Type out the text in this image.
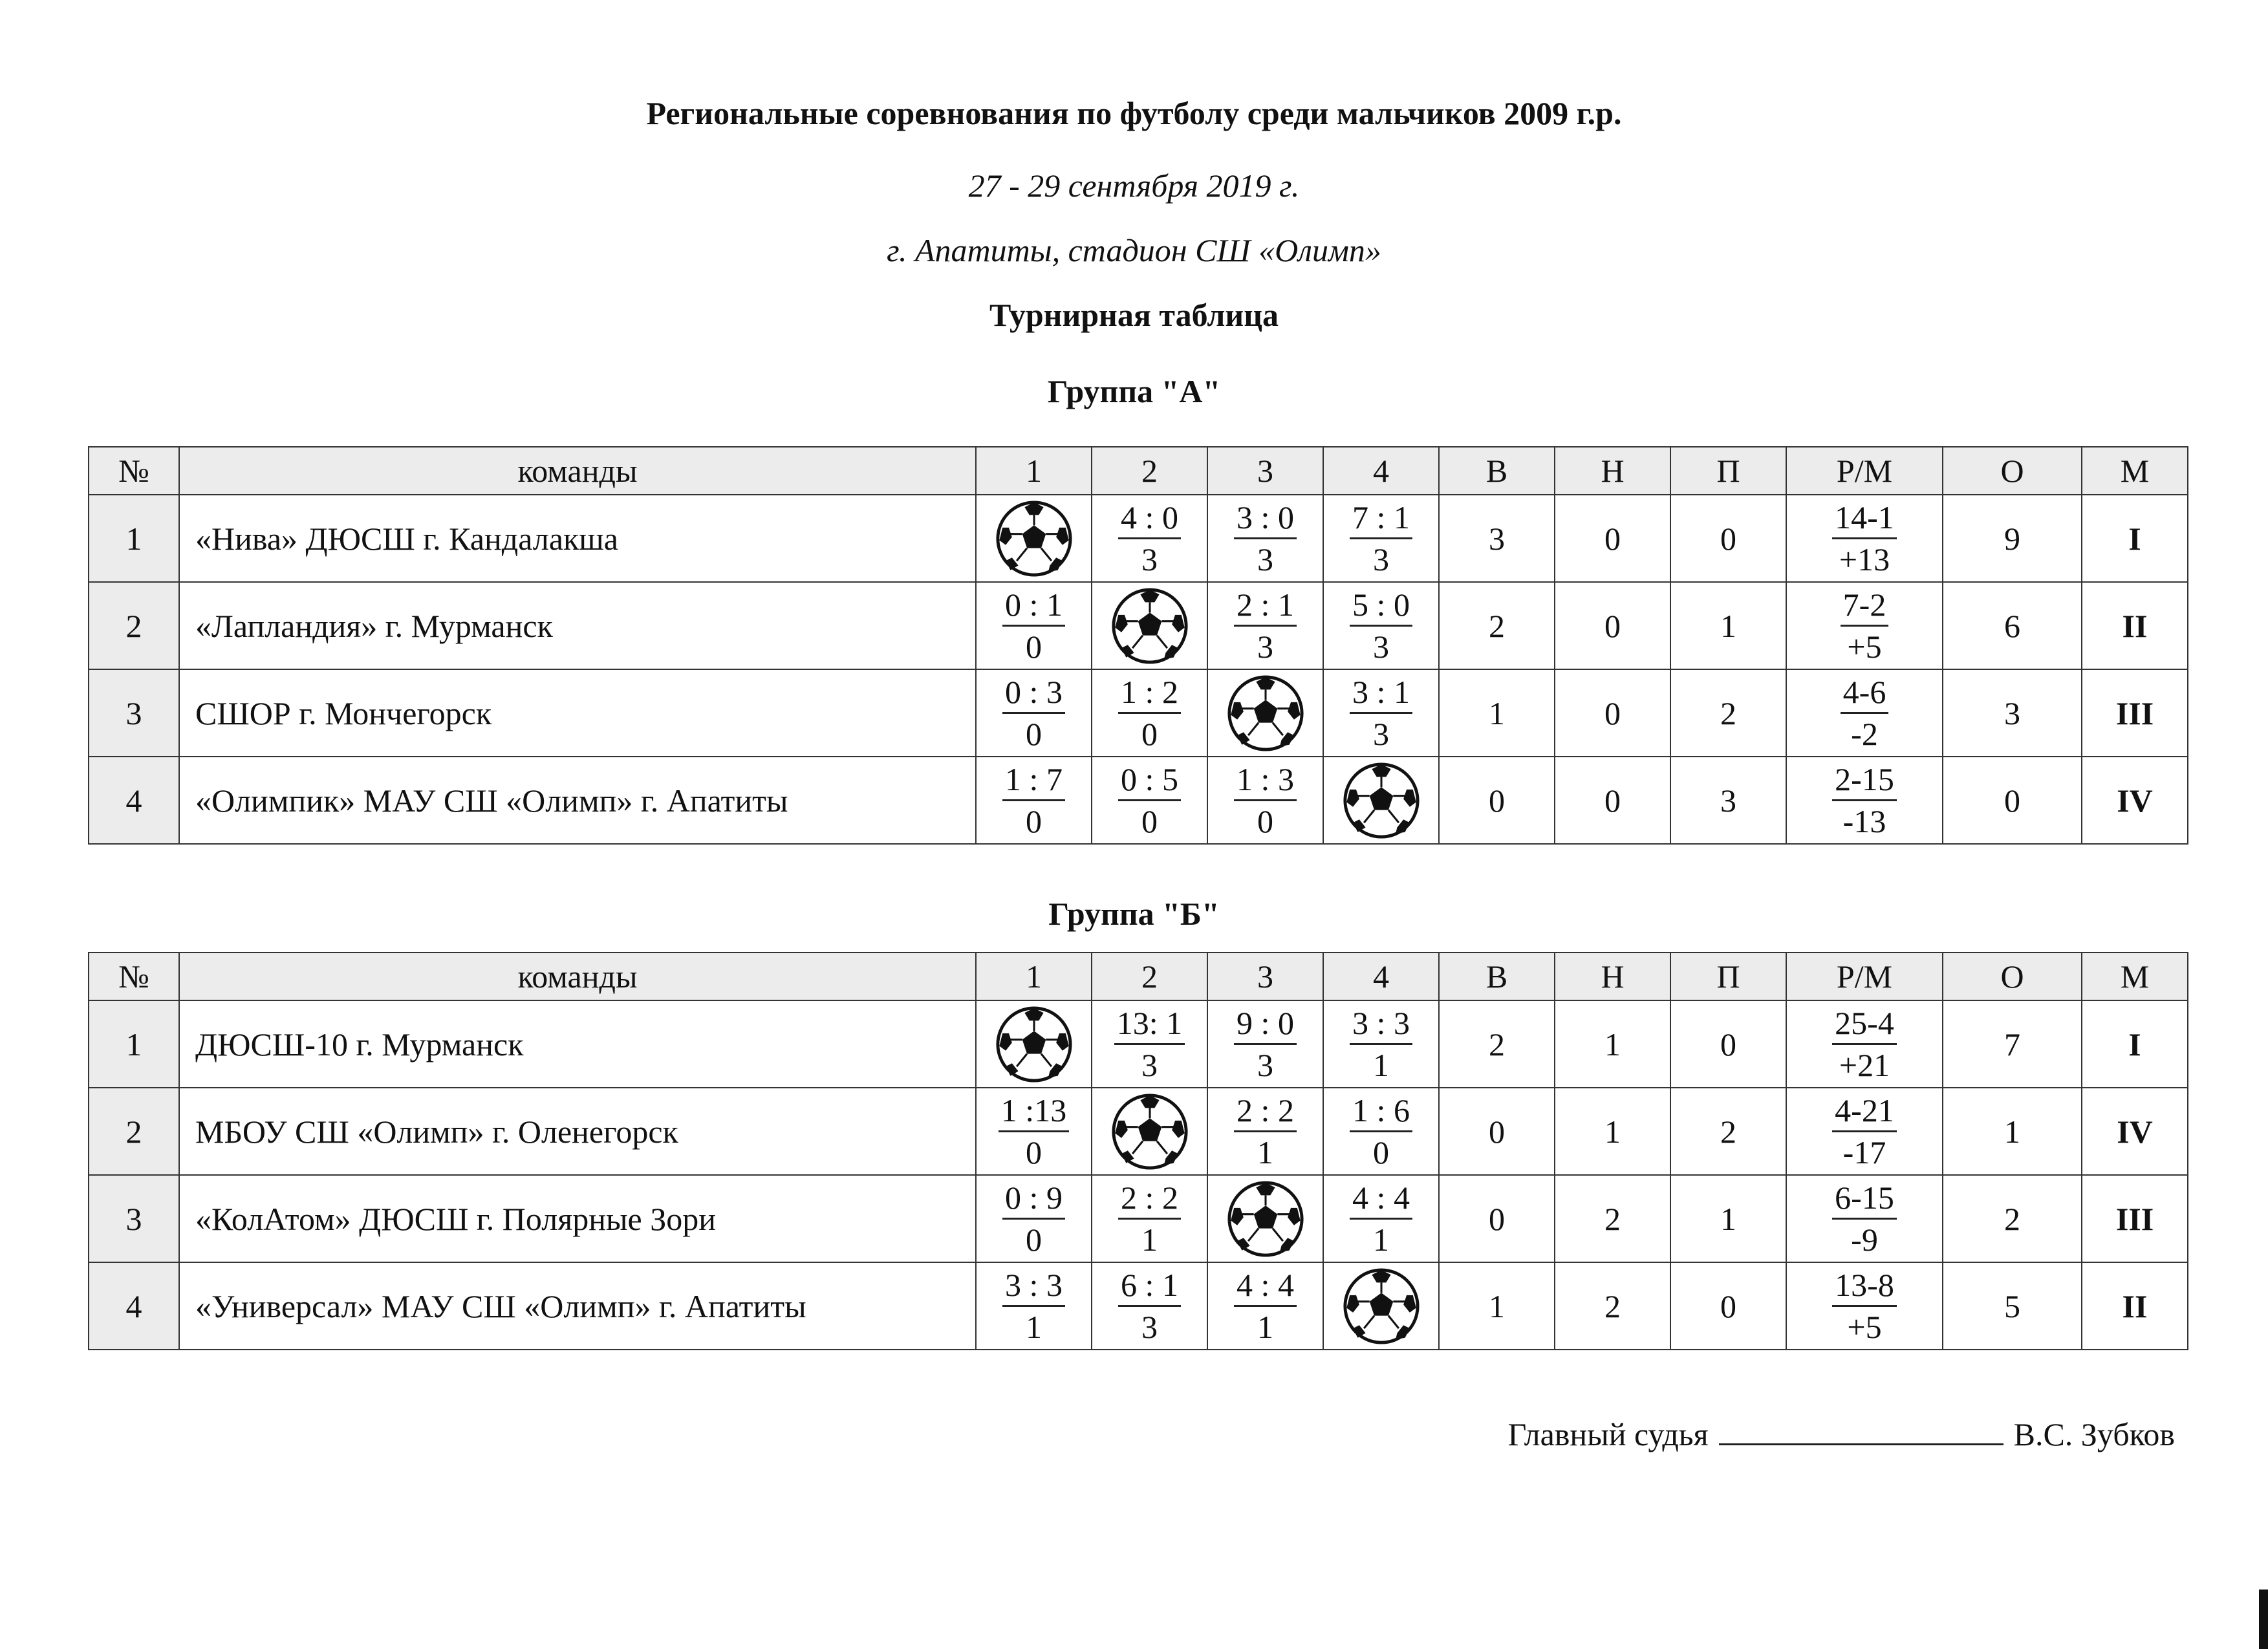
Региональные соревнования по футболу среди мальчиков 2009 г.р.
27 - 29 сентября 2019 г.
г. Апатиты, стадион СШ «Олимп»
Турнирная таблица
Группа "А"
№	команды	1	2	3	4	В	Н	П	Р/М	О	М
1	«Нива» ДЮСШ г. Кандалакша		$\frac{4 : 0}{3}$	$\frac{3 : 0}{3}$	$\frac{7 : 1}{3}$	3	0	0	$\frac{14-1}{+13}$	9	I
2	«Лапландия» г. Мурманск	$\frac{0 : 1}{0}$		$\frac{2 : 1}{3}$	$\frac{5 : 0}{3}$	2	0	1	$\frac{7-2}{+5}$	6	II
3	СШОР г. Мончегорск	$\frac{0 : 3}{0}$	$\frac{1 : 2}{0}$		$\frac{3 : 1}{3}$	1	0	2	$\frac{4-6}{-2}$	3	III
4	«Олимпик» МАУ СШ «Олимп» г. Апатиты	$\frac{1 : 7}{0}$	$\frac{0 : 5}{0}$	$\frac{1 : 3}{0}$		0	0	3	$\frac{2-15}{-13}$	0	IV
Группа "Б"
№	команды	1	2	3	4	В	Н	П	Р/М	О	М
1	ДЮСШ-10 г. Мурманск		$\frac{13: 1}{3}$	$\frac{9 : 0}{3}$	$\frac{3 : 3}{1}$	2	1	0	$\frac{25-4}{+21}$	7	I
2	МБОУ СШ «Олимп» г. Оленегорск	$\frac{1 :13}{0}$		$\frac{2 : 2}{1}$	$\frac{1 : 6}{0}$	0	1	2	$\frac{4-21}{-17}$	1	IV
3	«КолАтом» ДЮСШ г. Полярные Зори	$\frac{0 : 9}{0}$	$\frac{2 : 2}{1}$		$\frac{4 : 4}{1}$	0	2	1	$\frac{6-15}{-9}$	2	III
4	«Универсал» МАУ СШ «Олимп» г. Апатиты	$\frac{3 : 3}{1}$	$\frac{6 : 1}{3}$	$\frac{4 : 4}{1}$		1	2	0	$\frac{13-8}{+5}$	5	II
Главный судья	В.С. Зубков
